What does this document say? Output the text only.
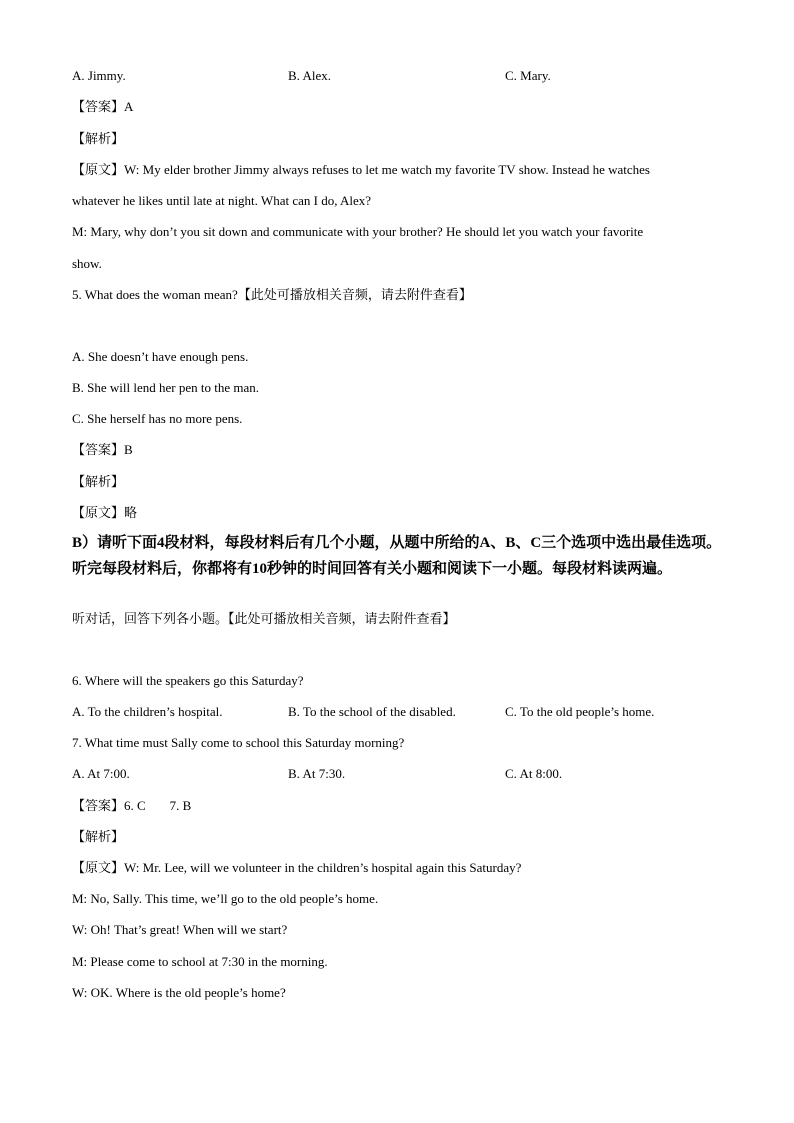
A. Jimmy.	B. Alex.	C. Mary.
【答案】A
【解析】
【原文】W: My elder brother Jimmy always refuses to let me watch my favorite TV show. Instead he watches
whatever he likes until late at night. What can I do, Alex?
M: Mary, why don’t you sit down and communicate with your brother? He should let you watch your favorite
show.
5. What does the woman mean?【此处可播放相关音频，请去附件查看】
A. She doesn’t have enough pens.
B. She will lend her pen to the man.
C. She herself has no more pens.
【答案】B
【解析】
【原文】略
B）请听下面4段材料，每段材料后有几个小题，从题中所给的A、B、C三个选项中选出最佳选项。听完每段材料后，你都将有10秒钟的时间回答有关小题和阅读下一小题。每段材料读两遍。
听对话，回答下列各小题。【此处可播放相关音频，请去附件查看】
6. Where will the speakers go this Saturday?
A. To the children’s hospital.	B. To the school of the disabled.	C. To the old people’s home.
7. What time must Sally come to school this Saturday morning?
A. At 7:00.	B. At 7:30.	C. At 8:00.
【答案】6. C 7. B
【解析】
【原文】W: Mr. Lee, will we volunteer in the children’s hospital again this Saturday?
M: No, Sally. This time, we’ll go to the old people’s home.
W: Oh! That’s great! When will we start?
M: Please come to school at 7:30 in the morning.
W: OK. Where is the old people’s home?
